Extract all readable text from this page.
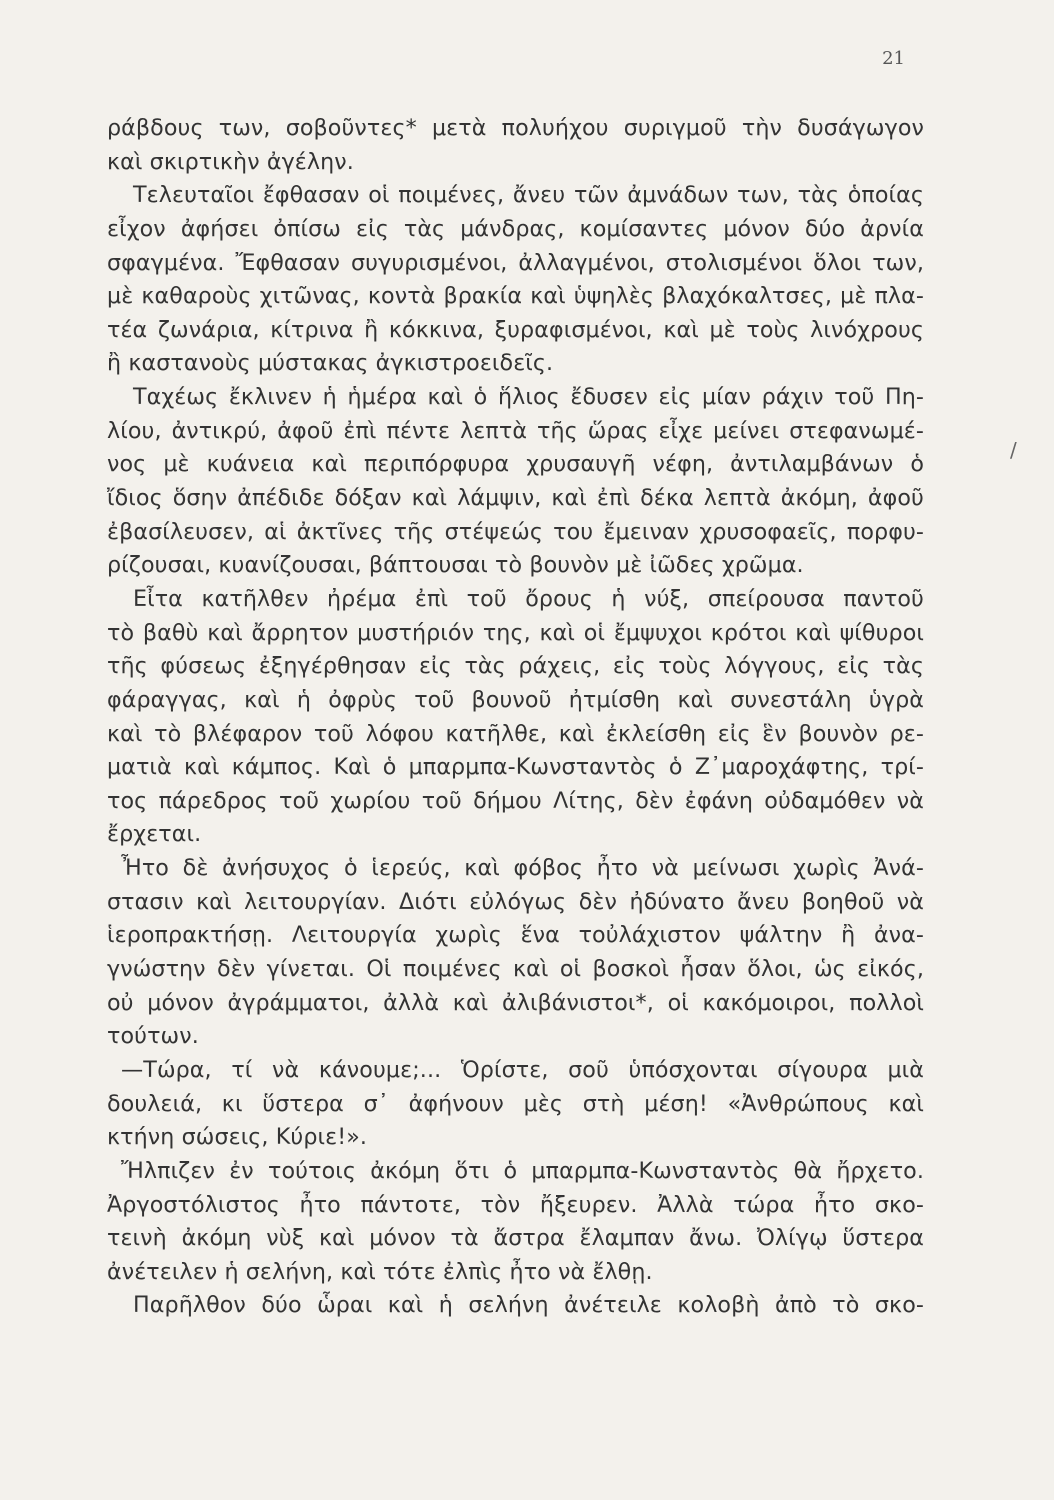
21
ράβδους των, σοβοῦντες* μετὰ πολυήχου συριγμοῦ τὴν δυσάγωγον
καὶ σκιρτικὴν ἀγέλην.
Τελευταῖοι ἔφθασαν οἱ ποιμένες, ἄνευ τῶν ἀμνάδων των, τὰς ὁποίας
εἶχον ἀφήσει ὀπίσω εἰς τὰς μάνδρας, κομίσαντες μόνον δύο ἀρνία
σφαγμένα. Ἔφθασαν συγυρισμένοι, ἀλλαγμένοι, στολισμένοι ὅλοι των,
μὲ καθαροὺς χιτῶνας, κοντὰ βρακία καὶ ὑψηλὲς βλαχόκαλτσες, μὲ πλα-
τέα ζωνάρια, κίτρινα ἢ κόκκινα, ξυραφισμένοι, καὶ μὲ τοὺς λινόχρους
ἢ καστανοὺς μύστακας ἀγκιστροειδεῖς.
Ταχέως ἔκλινεν ἡ ἡμέρα καὶ ὁ ἥλιος ἔδυσεν εἰς μίαν ράχιν τοῦ Πη-
λίου, ἀντικρύ, ἀφοῦ ἐπὶ πέντε λεπτὰ τῆς ὥρας εἶχε μείνει στεφανωμέ-
νος μὲ κυάνεια καὶ περιπόρφυρα χρυσαυγῆ νέφη, ἀντιλαμβάνων ὁ
ἴδιος ὅσην ἀπέδιδε δόξαν καὶ λάμψιν, καὶ ἐπὶ δέκα λεπτὰ ἀκόμη, ἀφοῦ
ἐβασίλευσεν, αἱ ἀκτῖνες τῆς στέψεώς του ἔμειναν χρυσοφαεῖς, πορφυ-
ρίζουσαι, κυανίζουσαι, βάπτουσαι τὸ βουνὸν μὲ ἰῶδες χρῶμα.
Εἶτα κατῆλθεν ἠρέμα ἐπὶ τοῦ ὄρους ἡ νύξ, σπείρουσα παντοῦ
τὸ βαθὺ καὶ ἄρρητον μυστήριόν της, καὶ οἱ ἔμψυχοι κρότοι καὶ ψίθυροι
τῆς φύσεως ἐξηγέρθησαν εἰς τὰς ράχεις, εἰς τοὺς λόγγους, εἰς τὰς
φάραγγας, καὶ ἡ ὀφρὺς τοῦ βουνοῦ ἠτμίσθη καὶ συνεστάλη ὑγρὰ
καὶ τὸ βλέφαρον τοῦ λόφου κατῆλθε, καὶ ἐκλείσθη εἰς ἓν βουνὸν ρε-
ματιὰ καὶ κάμπος. Καὶ ὁ μπαρμπα-Κωνσταντὸς ὁ Ζ᾽μαροχάφτης, τρί-
τος πάρεδρος τοῦ χωρίου τοῦ δήμου Λίτης, δὲν ἐφάνη οὐδαμόθεν νὰ
ἔρχεται.
Ἦτο δὲ ἀνήσυχος ὁ ἱερεύς, καὶ φόβος ἦτο νὰ μείνωσι χωρὶς Ἀνά-
στασιν καὶ λειτουργίαν. Διότι εὐλόγως δὲν ἠδύνατο ἄνευ βοηθοῦ νὰ
ἱεροπρακτήσῃ. Λειτουργία χωρὶς ἕνα τοὐλάχιστον ψάλτην ἢ ἀνα-
γνώστην δὲν γίνεται. Οἱ ποιμένες καὶ οἱ βοσκοὶ ἦσαν ὅλοι, ὡς εἰκός,
οὐ μόνον ἀγράμματοι, ἀλλὰ καὶ ἀλιβάνιστοι*, οἱ κακόμοιροι, πολλοὶ
τούτων.
—Τώρα, τί νὰ κάνουμε;... Ὁρίστε, σοῦ ὑπόσχονται σίγουρα μιὰ
δουλειά, κι ὕστερα σ᾽ ἀφήνουν μὲς στὴ μέση! «Ἀνθρώπους καὶ
κτήνη σώσεις, Κύριε!».
Ἤλπιζεν ἐν τούτοις ἀκόμη ὅτι ὁ μπαρμπα-Κωνσταντὸς θὰ ἤρχετο.
Ἀργοστόλιστος ἦτο πάντοτε, τὸν ἤξευρεν. Ἀλλὰ τώρα ἦτο σκο-
τεινὴ ἀκόμη νὺξ καὶ μόνον τὰ ἄστρα ἔλαμπαν ἄνω. Ὀλίγῳ ὕστερα
ἀνέτειλεν ἡ σελήνη, καὶ τότε ἐλπὶς ἦτο νὰ ἔλθῃ.
Παρῆλθον δύο ὧραι καὶ ἡ σελήνη ἀνέτειλε κολοβὴ ἀπὸ τὸ σκο-
/
